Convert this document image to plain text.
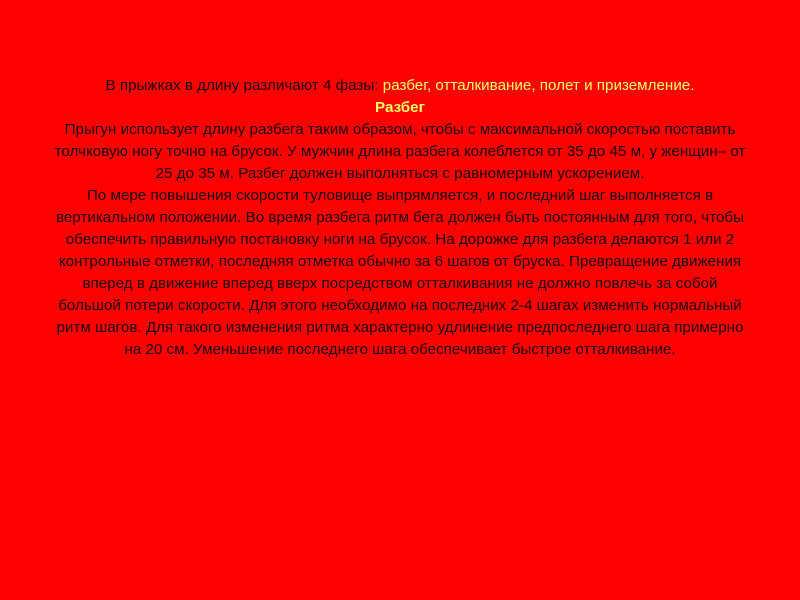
В прыжках в длину различают 4 фазы: разбег, отталкивание, полет и приземление.

Разбег

Прыгун использует длину разбега таким образом, чтобы с максимальной скоростью поставить толчковую ногу точно на брусок. У мужчин длина разбега колеблется от 35 до 45 м, у женщин– от 25 до 35 м. Разбег должен выполняться с равномерным ускорением.

По мере повышения скорости туловище выпрямляется, и последний шаг выполняется в вертикальном положении. Во время разбега ритм бега должен быть постоянным для того, чтобы обеспечить правильную постановку ноги на брусок. На дорожке для разбега делаются 1 или 2 контрольные отметки, последняя отметка обычно за 6 шагов от бруска. Превращение движения вперед в движение вперед вверх посредством отталкивания не должно повлечь за собой большой потери скорости. Для этого необходимо на последних 2-4 шагах изменить нормальный ритм шагов. Для такого изменения ритма характерно удлинение предпоследнего шага примерно на 20 см. Уменьшение последнего шага обеспечивает быстрое отталкивание.
